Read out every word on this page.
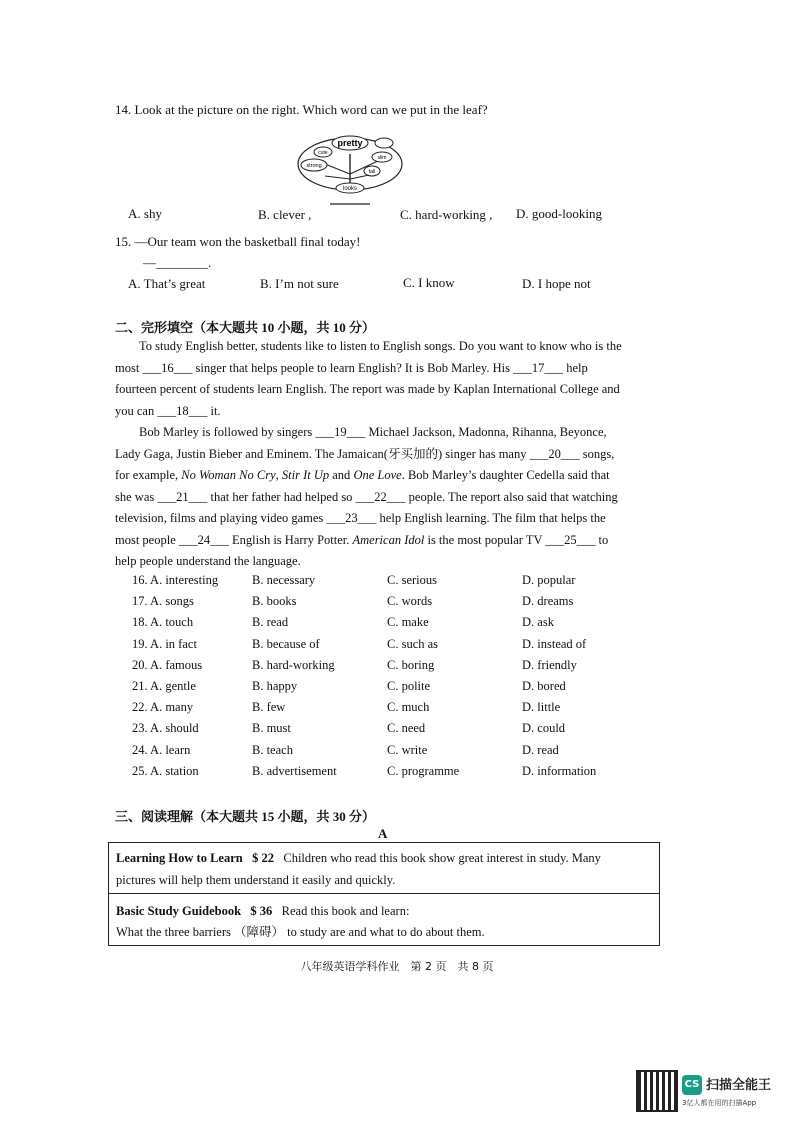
14. Look at the picture on the right. Which word can we put in the leaf?
pretty
cute
slim
strong
tall
looks
A. shy	B. clever ,	C. hard-working , D. good-looking
15. —Our team won the basketball final today!
—________.
A. That’s great	B. I’m not sure	C. I know	D. I hope not
二、完形填空（本大题共 10 小题，共 10 分）

To study English better, students like to listen to English songs. Do you want to know who is the

most ___16___ singer that helps people to learn English? It is Bob Marley. His ___17___ help

fourteen percent of students learn English. The report was made by Kaplan International College and

you can ___18___ it.

Bob Marley is followed by singers ___19___ Michael Jackson, Madonna, Rihanna, Beyonce,

Lady Gaga, Justin Bieber and Eminem. The Jamaican(牙买加的) singer has many ___20___ songs,

for example, No Woman No Cry, Stir It Up and One Love. Bob Marley’s daughter Cedella said that

she was ___21___ that her father had helped so ___22___ people. The report also said that watching

television, films and playing video games ___23___ help English learning. The film that helps the

most people ___24___ English is Harry Potter. American Idol is the most popular TV ___25___ to

help people understand the language.

16. A. interesting	B. necessary	C. serious	D. popular
17. A. songs	B. books	C. words	D. dreams
18. A. touch	B. read	C. make	D. ask
19. A. in fact	B. because of	C. such as	D. instead of
20. A. famous	B. hard-working	C. boring	D. friendly
21. A. gentle	B. happy	C. polite	D. bored
22. A. many	B. few	C. much	D. little
23. A. should	B. must	C. need	D. could
24. A. learn	B. teach	C. write	D. read
25. A. station	B. advertisement	C. programme	D. information
三、阅读理解（本大题共 15 小题，共 30 分）
A
Learning How to Learn $ 22 Children who read this book show great interest in study. Many
pictures will help them understand it easily and quickly.
Basic Study Guidebook $ 36 Read this book and learn:
What the three barriers （障碍） to study are and what to do about them.
八年级英语学科作业　第 2 页　共 8 页
CS 扫描全能王
3亿人都在用的扫描App
